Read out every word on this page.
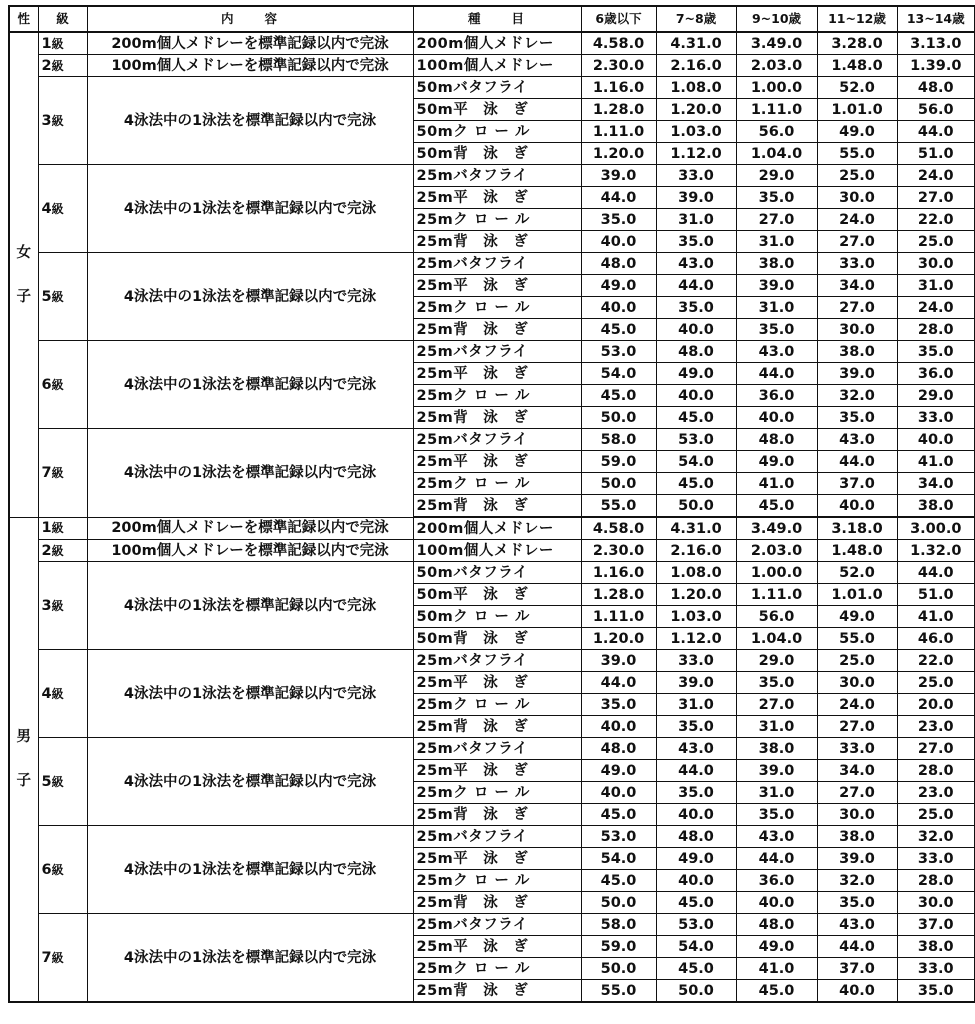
性	級	内　　容	種　　目	6歳以下	7~8歳	9~10歳	11~12歳	13~14歳
女

子	1級	200m個人メドレーを標準記録以内で完泳	200m個人メドレー	4.58.0	4.31.0	3.49.0	3.28.0	3.13.0
	2級	100m個人メドレーを標準記録以内で完泳	100m個人メドレー	2.30.0	2.16.0	2.03.0	1.48.0	1.39.0
	3級	4泳法中の1泳法を標準記録以内で完泳	50mバタフライ	1.16.0	1.08.0	1.00.0	52.0	48.0
			50m平　泳　ぎ	1.28.0	1.20.0	1.11.0	1.01.0	56.0
			50mク ロ ー ル	1.11.0	1.03.0	56.0	49.0	44.0
			50m背　泳　ぎ	1.20.0	1.12.0	1.04.0	55.0	51.0
	4級	4泳法中の1泳法を標準記録以内で完泳	25mバタフライ	39.0	33.0	29.0	25.0	24.0
			25m平　泳　ぎ	44.0	39.0	35.0	30.0	27.0
			25mク ロ ー ル	35.0	31.0	27.0	24.0	22.0
			25m背　泳　ぎ	40.0	35.0	31.0	27.0	25.0
	5級	4泳法中の1泳法を標準記録以内で完泳	25mバタフライ	48.0	43.0	38.0	33.0	30.0
			25m平　泳　ぎ	49.0	44.0	39.0	34.0	31.0
			25mク ロ ー ル	40.0	35.0	31.0	27.0	24.0
			25m背　泳　ぎ	45.0	40.0	35.0	30.0	28.0
	6級	4泳法中の1泳法を標準記録以内で完泳	25mバタフライ	53.0	48.0	43.0	38.0	35.0
			25m平　泳　ぎ	54.0	49.0	44.0	39.0	36.0
			25mク ロ ー ル	45.0	40.0	36.0	32.0	29.0
			25m背　泳　ぎ	50.0	45.0	40.0	35.0	33.0
	7級	4泳法中の1泳法を標準記録以内で完泳	25mバタフライ	58.0	53.0	48.0	43.0	40.0
			25m平　泳　ぎ	59.0	54.0	49.0	44.0	41.0
			25mク ロ ー ル	50.0	45.0	41.0	37.0	34.0
			25m背　泳　ぎ	55.0	50.0	45.0	40.0	38.0
男

子	1級	200m個人メドレーを標準記録以内で完泳	200m個人メドレー	4.58.0	4.31.0	3.49.0	3.18.0	3.00.0
	2級	100m個人メドレーを標準記録以内で完泳	100m個人メドレー	2.30.0	2.16.0	2.03.0	1.48.0	1.32.0
	3級	4泳法中の1泳法を標準記録以内で完泳	50mバタフライ	1.16.0	1.08.0	1.00.0	52.0	44.0
			50m平　泳　ぎ	1.28.0	1.20.0	1.11.0	1.01.0	51.0
			50mク ロ ー ル	1.11.0	1.03.0	56.0	49.0	41.0
			50m背　泳　ぎ	1.20.0	1.12.0	1.04.0	55.0	46.0
	4級	4泳法中の1泳法を標準記録以内で完泳	25mバタフライ	39.0	33.0	29.0	25.0	22.0
			25m平　泳　ぎ	44.0	39.0	35.0	30.0	25.0
			25mク ロ ー ル	35.0	31.0	27.0	24.0	20.0
			25m背　泳　ぎ	40.0	35.0	31.0	27.0	23.0
	5級	4泳法中の1泳法を標準記録以内で完泳	25mバタフライ	48.0	43.0	38.0	33.0	27.0
			25m平　泳　ぎ	49.0	44.0	39.0	34.0	28.0
			25mク ロ ー ル	40.0	35.0	31.0	27.0	23.0
			25m背　泳　ぎ	45.0	40.0	35.0	30.0	25.0
	6級	4泳法中の1泳法を標準記録以内で完泳	25mバタフライ	53.0	48.0	43.0	38.0	32.0
			25m平　泳　ぎ	54.0	49.0	44.0	39.0	33.0
			25mク ロ ー ル	45.0	40.0	36.0	32.0	28.0
			25m背　泳　ぎ	50.0	45.0	40.0	35.0	30.0
	7級	4泳法中の1泳法を標準記録以内で完泳	25mバタフライ	58.0	53.0	48.0	43.0	37.0
			25m平　泳　ぎ	59.0	54.0	49.0	44.0	38.0
			25mク ロ ー ル	50.0	45.0	41.0	37.0	33.0
			25m背　泳　ぎ	55.0	50.0	45.0	40.0	35.0
